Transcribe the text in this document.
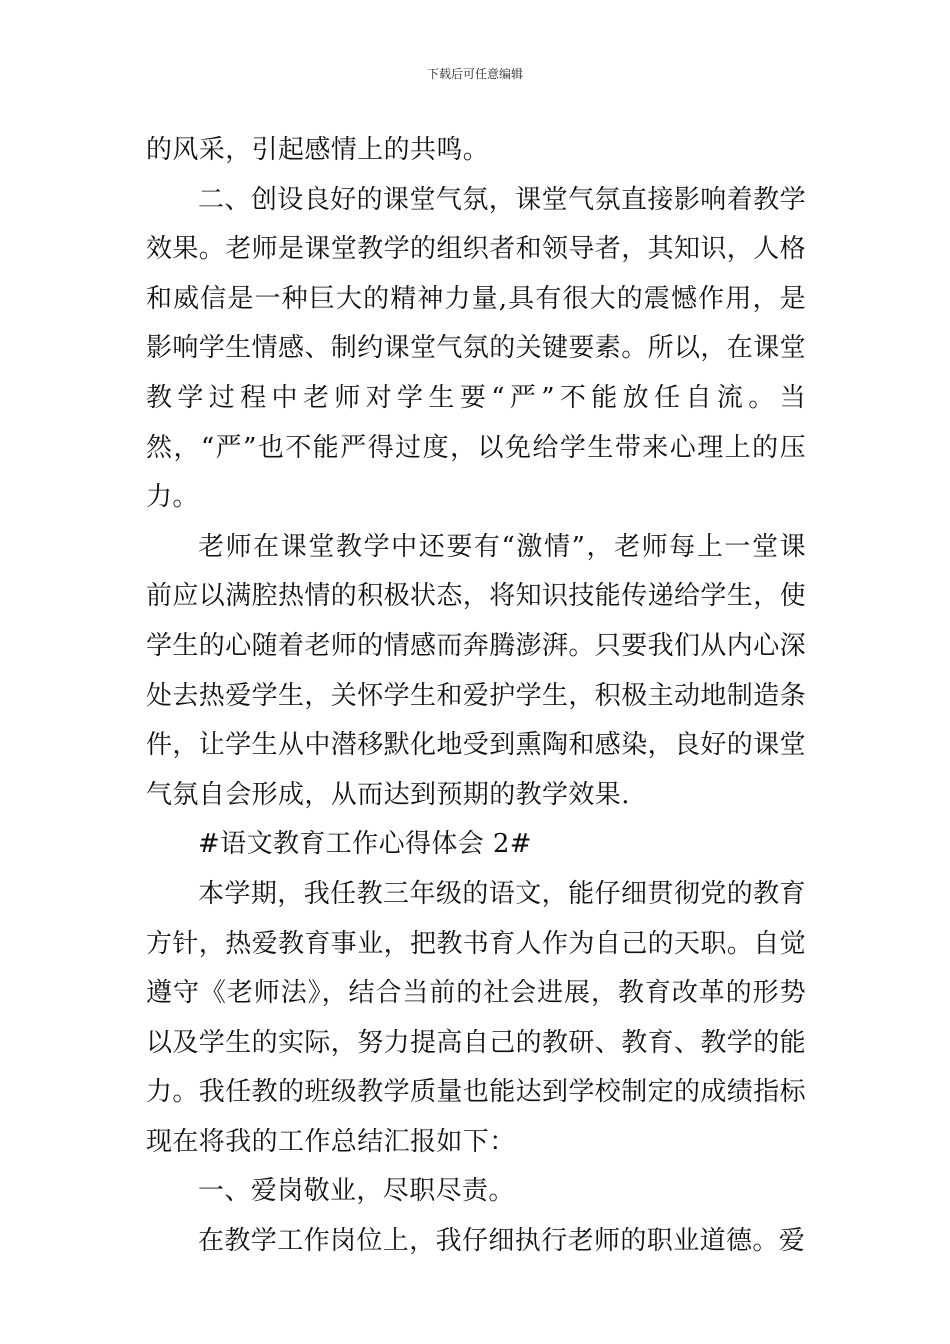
下载后可任意编辑

的风采，引起感情上的共鸣。

二、创设良好的课堂气氛，课堂气氛直接影响着教学效果。老师是课堂教学的组织者和领导者，其知识，人格和威信是一种巨大的精神力量,具有很大的震憾作用，是影响学生情感、制约课堂气氛的关键要素。所以，在课堂教学过程中老师对学生要“严”不能放任自流。当然，“严”也不能严得过度，以免给学生带来心理上的压力。

老师在课堂教学中还要有“激情”，老师每上一堂课前应以满腔热情的积极状态，将知识技能传递给学生，使学生的心随着老师的情感而奔腾澎湃。只要我们从内心深处去热爱学生，关怀学生和爱护学生，积极主动地制造条件，让学生从中潜移默化地受到熏陶和感染，良好的课堂气氛自会形成，从而达到预期的教学效果.

#语文教育工作心得体会 2#

本学期，我任教三年级的语文，能仔细贯彻党的教育方针，热爱教育事业，把教书育人作为自己的天职。自觉遵守《老师法》，结合当前的社会进展，教育改革的形势以及学生的实际，努力提高自己的教研、教育、教学的能力。我任教的班级教学质量也能达到学校制定的成绩指标现在将我的工作总结汇报如下：

一、爱岗敬业，尽职尽责。

在教学工作岗位上，我仔细执行老师的职业道德。爱
